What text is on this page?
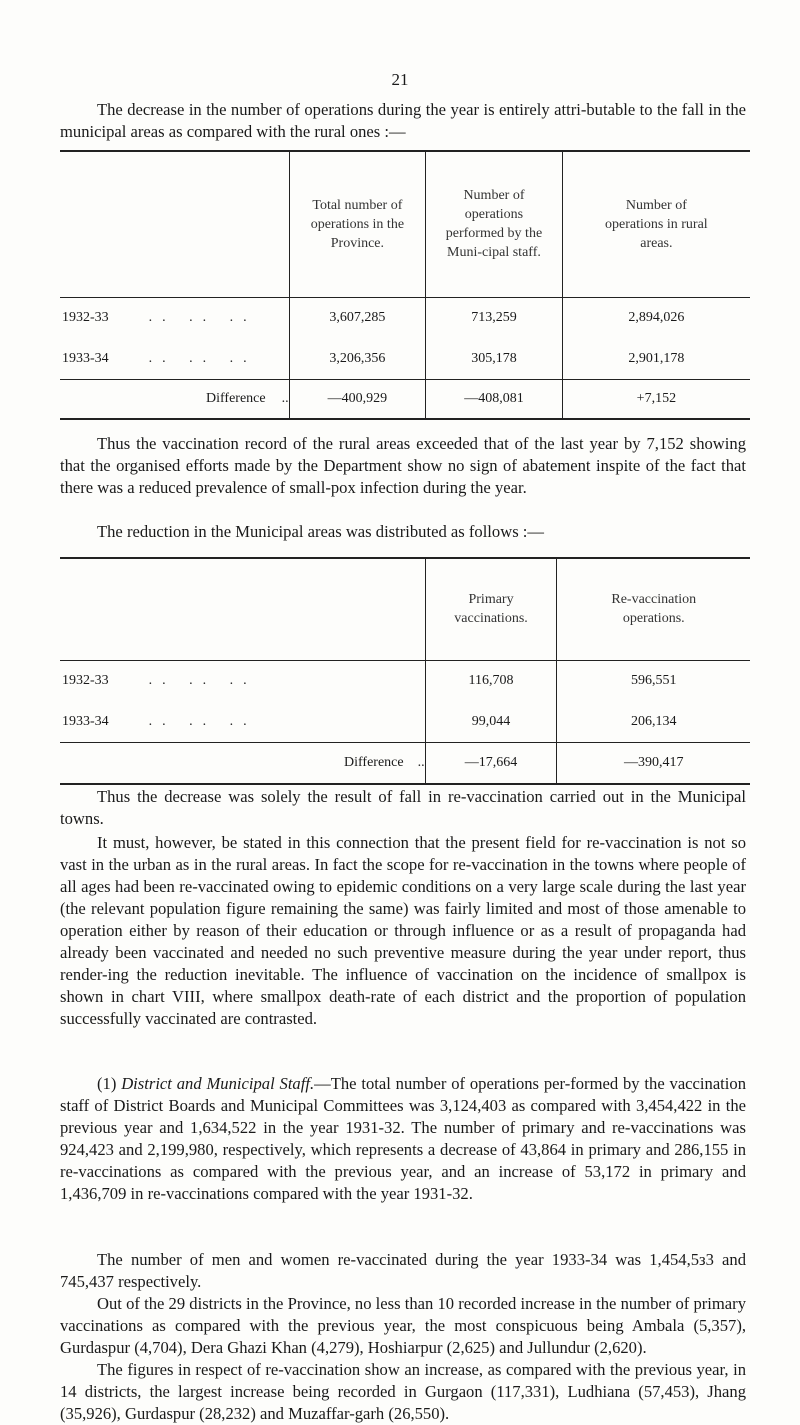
21

The decrease in the number of operations during the year is entirely attri-butable to the fall in the municipal areas as compared with the rural ones :—

	Total number of operations in the Province.	Number of operations performed by the Muni-cipal staff.	Number of operations in rural areas.
1932-33 .. .. ..	3,607,285	713,259	2,894,026
1933-34 .. .. ..	3,206,356	305,178	2,901,178
Difference ..	—400,929	—408,081	+7,152

Thus the vaccination record of the rural areas exceeded that of the last year by 7,152 showing that the organised efforts made by the Department show no sign of abatement inspite of the fact that there was a reduced prevalence of small-pox infection during the year.

The reduction in the Municipal areas was distributed as follows :—

	Primary vaccinations.	Re-vaccination operations.
1932-33 .. .. ..	116,708	596,551
1933-34 .. .. ..	99,044	206,134
Difference ..	—17,664	—390,417

Thus the decrease was solely the result of fall in re-vaccination carried out in the Municipal towns.

It must, however, be stated in this connection that the present field for re-vaccination is not so vast in the urban as in the rural areas. In fact the scope for re-vaccination in the towns where people of all ages had been re-vaccinated owing to epidemic conditions on a very large scale during the last year (the relevant population figure remaining the same) was fairly limited and most of those amenable to operation either by reason of their education or through influence or as a result of propaganda had already been vaccinated and needed no such preventive measure during the year under report, thus render-ing the reduction inevitable. The influence of vaccination on the incidence of smallpox is shown in chart VIII, where smallpox death-rate of each district and the proportion of population successfully vaccinated are contrasted.

(1) District and Municipal Staff.—The total number of operations per-formed by the vaccination staff of District Boards and Municipal Committees was 3,124,403 as compared with 3,454,422 in the previous year and 1,634,522 in the year 1931-32. The number of primary and re-vaccinations was 924,423 and 2,199,980, respectively, which represents a decrease of 43,864 in primary and 286,155 in re-vaccinations as compared with the previous year, and an increase of 53,172 in primary and 1,436,709 in re-vaccinations compared with the year 1931-32.

The number of men and women re-vaccinated during the year 1933-34 was 1,454,5з3 and 745,437 respectively.

Out of the 29 districts in the Province, no less than 10 recorded increase in the number of primary vaccinations as compared with the previous year, the most conspicuous being Ambala (5,357), Gurdaspur (4,704), Dera Ghazi Khan (4,279), Hoshiarpur (2,625) and Jullundur (2,620).

The figures in respect of re-vaccination show an increase, as compared with the previous year, in 14 districts, the largest increase being recorded in Gurgaon (117,331), Ludhiana (57,453), Jhang (35,926), Gurdaspur (28,232) and Muzaffar-garh (26,550).
